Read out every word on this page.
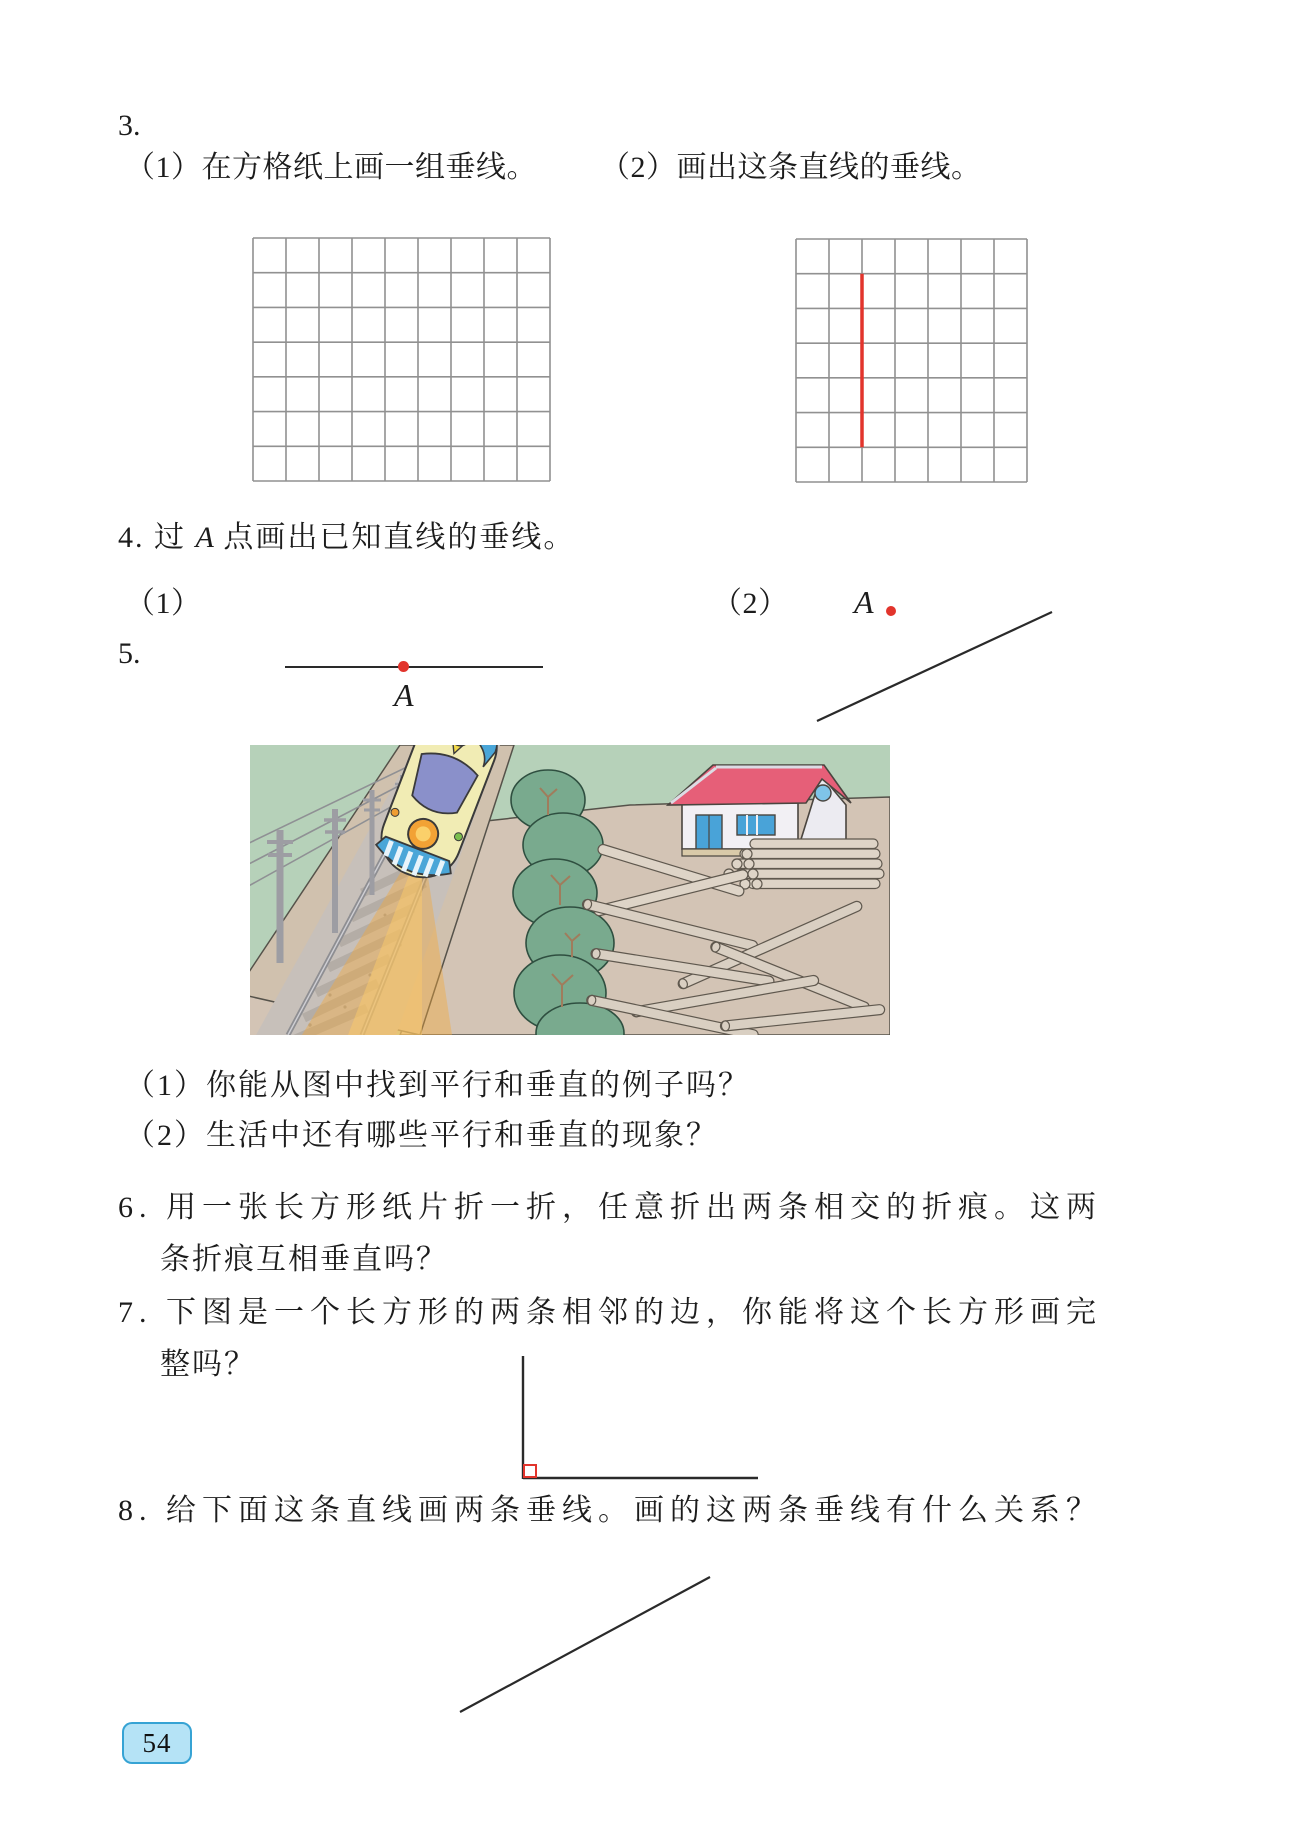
3.
（1）在方格纸上画一组垂线。 （2）画出这条直线的垂线。
4. 过 A 点画出已知直线的垂线。
（1）	（2） A
A
5.
（1）你能从图中找到平行和垂直的例子吗？
（2）生活中还有哪些平行和垂直的现象？
6. 用一张长方形纸片折一折，任意折出两条相交的折痕。这两
条折痕互相垂直吗？
7. 下图是一个长方形的两条相邻的边，你能将这个长方形画完
整吗？
8. 给下面这条直线画两条垂线。画的这两条垂线有什么关系？
54
